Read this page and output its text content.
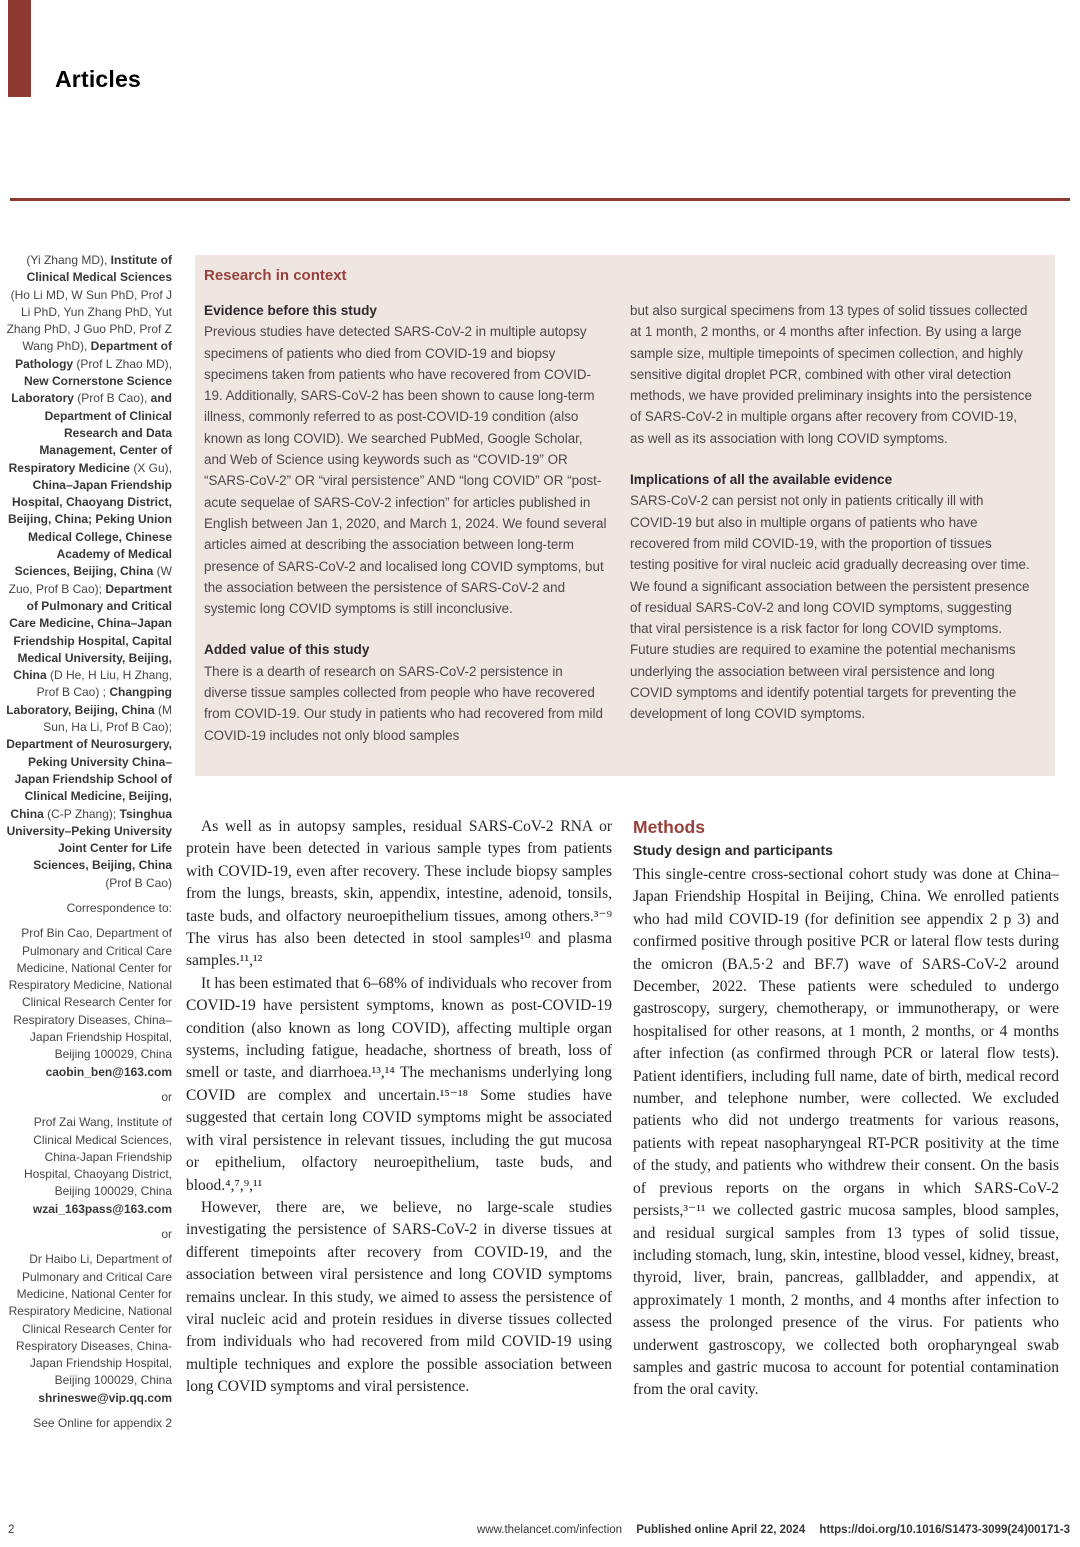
Articles

(Yi Zhang MD), Institute of Clinical Medical Sciences (Ho Li MD, W Sun PhD, Prof J Li PhD, Yun Zhang PhD, Yut Zhang PhD, J Guo PhD, Prof Z Wang PhD), Department of Pathology (Prof L Zhao MD), New Cornerstone Science Laboratory (Prof B Cao), and Department of Clinical Research and Data Management, Center of Respiratory Medicine (X Gu), China–Japan Friendship Hospital, Chaoyang District, Beijing, China; Peking Union Medical College, Chinese Academy of Medical Sciences, Beijing, China (W Zuo, Prof B Cao); Department of Pulmonary and Critical Care Medicine, China–Japan Friendship Hospital, Capital Medical University, Beijing, China (D He, H Liu, H Zhang, Prof B Cao) ; Changping Laboratory, Beijing, China (M Sun, Ha Li, Prof B Cao); Department of Neurosurgery, Peking University China–Japan Friendship School of Clinical Medicine, Beijing, China (C-P Zhang); Tsinghua University–Peking University Joint Center for Life Sciences, Beijing, China (Prof B Cao)

Correspondence to:

Prof Bin Cao, Department of Pulmonary and Critical Care Medicine, National Center for Respiratory Medicine, National Clinical Research Center for Respiratory Diseases, China–Japan Friendship Hospital, Beijing 100029, China caobin_ben@163.com

or

Prof Zai Wang, Institute of Clinical Medical Sciences, China-Japan Friendship Hospital, Chaoyang District, Beijing 100029, China wzai_163pass@163.com

or

Dr Haibo Li, Department of Pulmonary and Critical Care Medicine, National Center for Respiratory Medicine, National Clinical Research Center for Respiratory Diseases, China-Japan Friendship Hospital, Beijing 100029, China shrineswe@vip.qq.com

See Online for appendix 2

Research in context
Evidence before this study

Previous studies have detected SARS-CoV-2 in multiple autopsy specimens of patients who died from COVID-19 and biopsy specimens taken from patients who have recovered from COVID-19. Additionally, SARS-CoV-2 has been shown to cause long-term illness, commonly referred to as post-COVID-19 condition (also known as long COVID). We searched PubMed, Google Scholar, and Web of Science using keywords such as “COVID-19” OR “SARS-CoV-2” OR “viral persistence” AND “long COVID” OR “post-acute sequelae of SARS-CoV-2 infection” for articles published in English between Jan 1, 2020, and March 1, 2024. We found several articles aimed at describing the association between long-term presence of SARS-CoV-2 and localised long COVID symptoms, but the association between the persistence of SARS-CoV-2 and systemic long COVID symptoms is still inconclusive.

Added value of this study

There is a dearth of research on SARS-CoV-2 persistence in diverse tissue samples collected from people who have recovered from COVID-19. Our study in patients who had recovered from mild COVID-19 includes not only blood samples

but also surgical specimens from 13 types of solid tissues collected at 1 month, 2 months, or 4 months after infection. By using a large sample size, multiple timepoints of specimen collection, and highly sensitive digital droplet PCR, combined with other viral detection methods, we have provided preliminary insights into the persistence of SARS-CoV-2 in multiple organs after recovery from COVID-19, as well as its association with long COVID symptoms.

Implications of all the available evidence

SARS-CoV-2 can persist not only in patients critically ill with COVID-19 but also in multiple organs of patients who have recovered from mild COVID-19, with the proportion of tissues testing positive for viral nucleic acid gradually decreasing over time. We found a significant association between the persistent presence of residual SARS-CoV-2 and long COVID symptoms, suggesting that viral persistence is a risk factor for long COVID symptoms. Future studies are required to examine the potential mechanisms underlying the association between viral persistence and long COVID symptoms and identify potential targets for preventing the development of long COVID symptoms.

As well as in autopsy samples, residual SARS-CoV-2 RNA or protein have been detected in various sample types from patients with COVID-19, even after recovery. These include biopsy samples from the lungs, breasts, skin, appendix, intestine, adenoid, tonsils, taste buds, and olfactory neuroepithelium tissues, among others.³⁻⁹ The virus has also been detected in stool samples¹⁰ and plasma samples.¹¹,¹²

It has been estimated that 6–68% of individuals who recover from COVID-19 have persistent symptoms, known as post-COVID-19 condition (also known as long COVID), affecting multiple organ systems, including fatigue, headache, shortness of breath, loss of smell or taste, and diarrhoea.¹³,¹⁴ The mechanisms underlying long COVID are complex and uncertain.¹⁵⁻¹⁸ Some studies have suggested that certain long COVID symptoms might be associated with viral persistence in relevant tissues, including the gut mucosa or epithelium, olfactory neuroepithelium, taste buds, and blood.⁴,⁷,⁹,¹¹

However, there are, we believe, no large-scale studies investigating the persistence of SARS-CoV-2 in diverse tissues at different timepoints after recovery from COVID-19, and the association between viral persistence and long COVID symptoms remains unclear. In this study, we aimed to assess the persistence of viral nucleic acid and protein residues in diverse tissues collected from individuals who had recovered from mild COVID-19 using multiple techniques and explore the possible association between long COVID symptoms and viral persistence.

Methods
Study design and participants

This single-centre cross-sectional cohort study was done at China–Japan Friendship Hospital in Beijing, China. We enrolled patients who had mild COVID-19 (for definition see appendix 2 p 3) and confirmed positive through positive PCR or lateral flow tests during the omicron (BA.5·2 and BF.7) wave of SARS-CoV-2 around December, 2022. These patients were scheduled to undergo gastroscopy, surgery, chemotherapy, or immunotherapy, or were hospitalised for other reasons, at 1 month, 2 months, or 4 months after infection (as confirmed through PCR or lateral flow tests). Patient identifiers, including full name, date of birth, medical record number, and telephone number, were collected. We excluded patients who did not undergo treatments for various reasons, patients with repeat nasopharyngeal RT-PCR positivity at the time of the study, and patients who withdrew their consent. On the basis of previous reports on the organs in which SARS-CoV-2 persists,³⁻¹¹ we collected gastric mucosa samples, blood samples, and residual surgical samples from 13 types of solid tissue, including stomach, lung, skin, intestine, blood vessel, kidney, breast, thyroid, liver, brain, pancreas, gallbladder, and appendix, at approximately 1 month, 2 months, and 4 months after infection to assess the prolonged presence of the virus. For patients who underwent gastroscopy, we collected both oropharyngeal swab samples and gastric mucosa to account for potential contamination from the oral cavity.

2	www.thelancet.com/infection Published online April 22, 2024 https://doi.org/10.1016/S1473-3099(24)00171-3
